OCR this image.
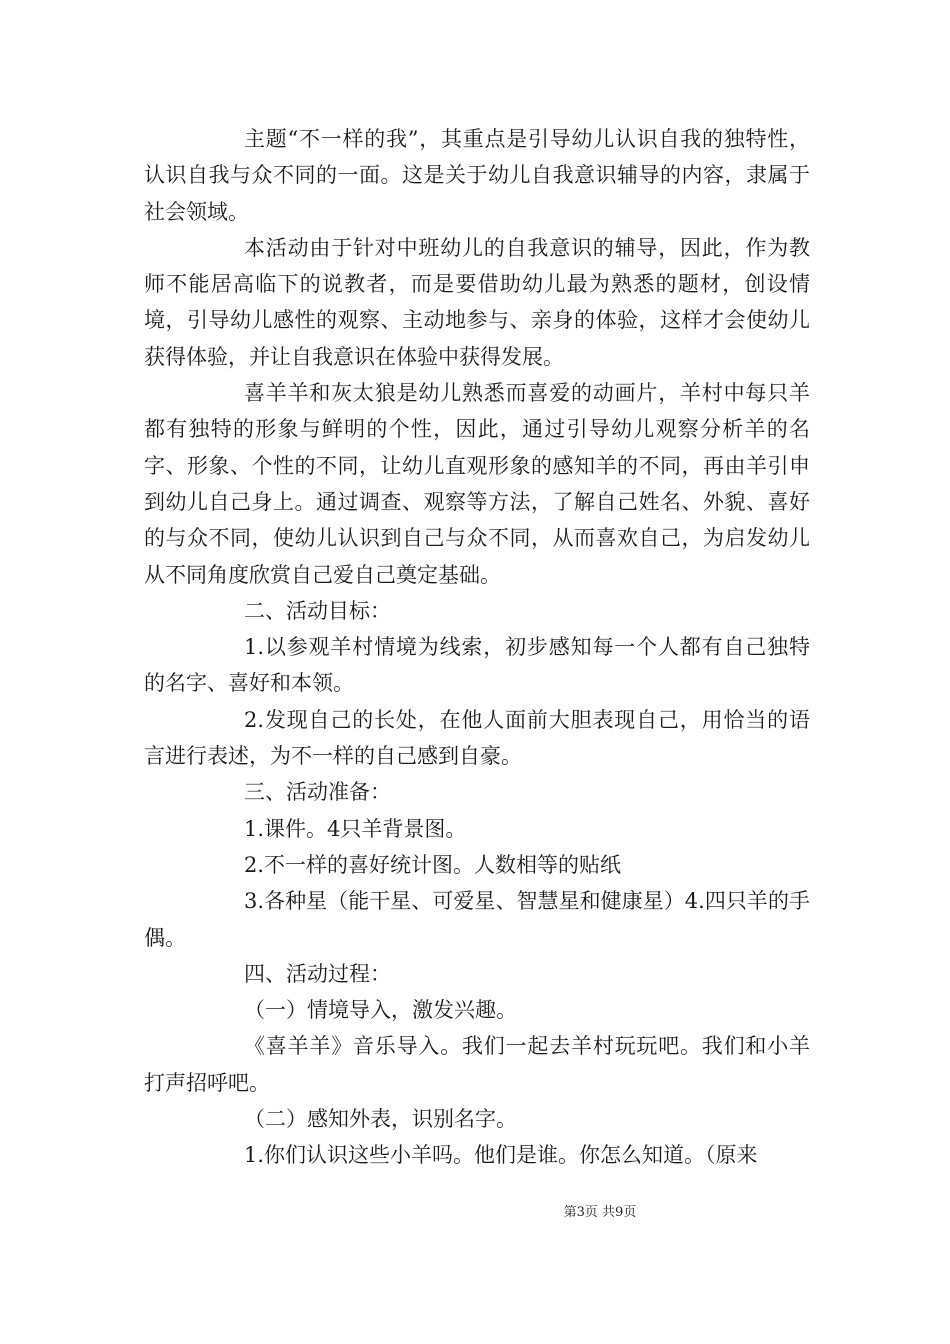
主题“不一样的我”，其重点是引导幼儿认识自我的独特性，认识自我与众不同的一面。这是关于幼儿自我意识辅导的内容，隶属于社会领域。

本活动由于针对中班幼儿的自我意识的辅导，因此，作为教师不能居高临下的说教者，而是要借助幼儿最为熟悉的题材，创设情境，引导幼儿感性的观察、主动地参与、亲身的体验，这样才会使幼儿获得体验，并让自我意识在体验中获得发展。

喜羊羊和灰太狼是幼儿熟悉而喜爱的动画片，羊村中每只羊都有独特的形象与鲜明的个性，因此，通过引导幼儿观察分析羊的名字、形象、个性的不同，让幼儿直观形象的感知羊的不同，再由羊引申到幼儿自己身上。通过调查、观察等方法，了解自己姓名、外貌、喜好的与众不同，使幼儿认识到自己与众不同，从而喜欢自己，为启发幼儿从不同角度欣赏自己爱自己奠定基础。

二、活动目标：

1.以参观羊村情境为线索，初步感知每一个人都有自己独特的名字、喜好和本领。

2.发现自己的长处，在他人面前大胆表现自己，用恰当的语言进行表述，为不一样的自己感到自豪。

三、活动准备：

1.课件。4只羊背景图。

2.不一样的喜好统计图。人数相等的贴纸

3.各种星（能干星、可爱星、智慧星和健康星）4.四只羊的手偶。

四、活动过程：

（一）情境导入，激发兴趣。

《喜羊羊》音乐导入。我们一起去羊村玩玩吧。我们和小羊打声招呼吧。

（二）感知外表，识别名字。

1.你们认识这些小羊吗。他们是谁。你怎么知道。（原来

第3页 共9页
